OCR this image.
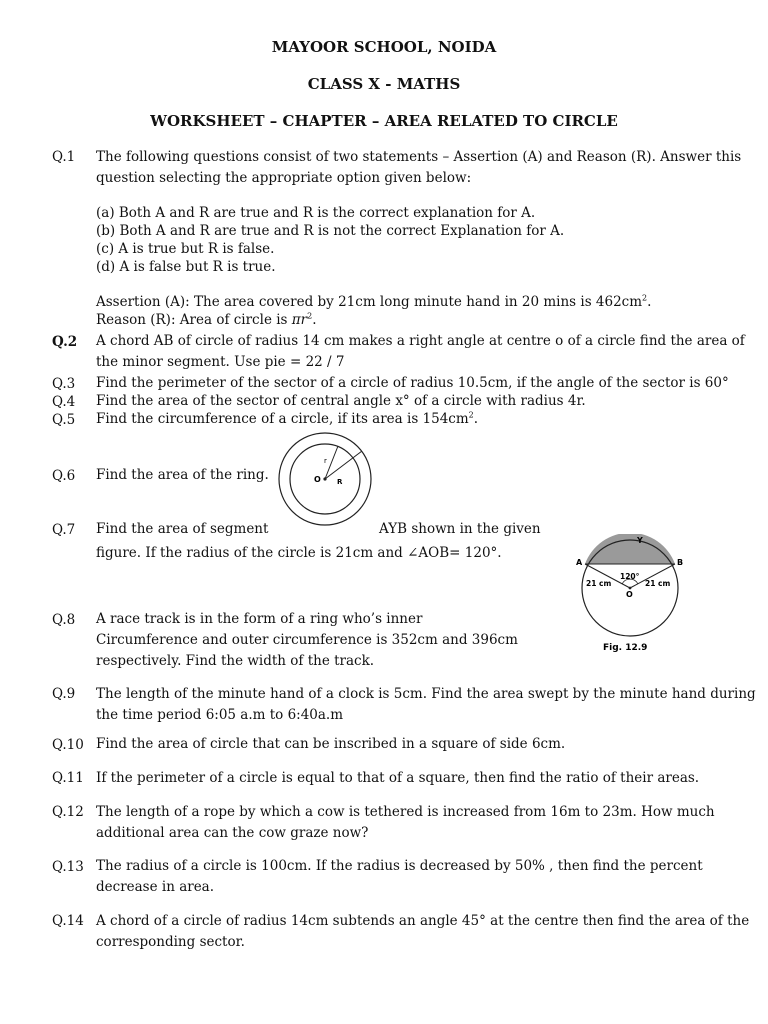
MAYOOR SCHOOL, NOIDA
CLASS X - MATHS
WORKSHEET – CHAPTER – AREA RELATED TO CIRCLE
Q.1 The following questions consist of two statements – Assertion (A) and Reason (R). Answer this
question selecting the appropriate option given below:
(a) Both A and R are true and R is the correct explanation for A.
(b) Both A and R are true and R is not the correct Explanation for A.
(c) A is true but R is false.
(d) A is false but R is true.
Assertion (A): The area covered by 21cm long minute hand in 20 mins is $462cm^2$.
Reason (R): Area of circle is $\pi r^2$.
Q.2 A chord AB of circle of radius 14 cm makes a right angle at centre o of a circle find the area of
the minor segment. Use pie = 22 / 7
Q.3 Find the perimeter of the sector of a circle of radius 10.5cm, if the angle of the sector is 60°
Q.4 Find the area of the sector of central angle x° of a circle with radius 4r.
Q.5 Find the circumference of a circle, if its area is $154cm^2$.
Q.6 Find the area of the ring.	O
r
R
Q.7 Find the area of segment	AYB shown in the given
figure. If the radius of the circle is 21cm and ∠AOB= 120°.
A	B
Y
O
21 cm	21 cm
120°
Fig. 12.9
Q.8 A race track is in the form of a ring who’s inner
Circumference and outer circumference is 352cm and 396cm
respectively. Find the width of the track.
Q.9 The length of the minute hand of a clock is 5cm. Find the area swept by the minute hand during
the time period 6:05 a.m to 6:40a.m
Q.10 Find the area of circle that can be inscribed in a square of side 6cm.
Q.11 If the perimeter of a circle is equal to that of a square, then find the ratio of their areas.
Q.12 The length of a rope by which a cow is tethered is increased from 16m to 23m. How much
additional area can the cow graze now?
Q.13 The radius of a circle is 100cm. If the radius is decreased by 50% , then find the percent
decrease in area.
Q.14 A chord of a circle of radius 14cm subtends an angle 45° at the centre then find the area of the
corresponding sector.
